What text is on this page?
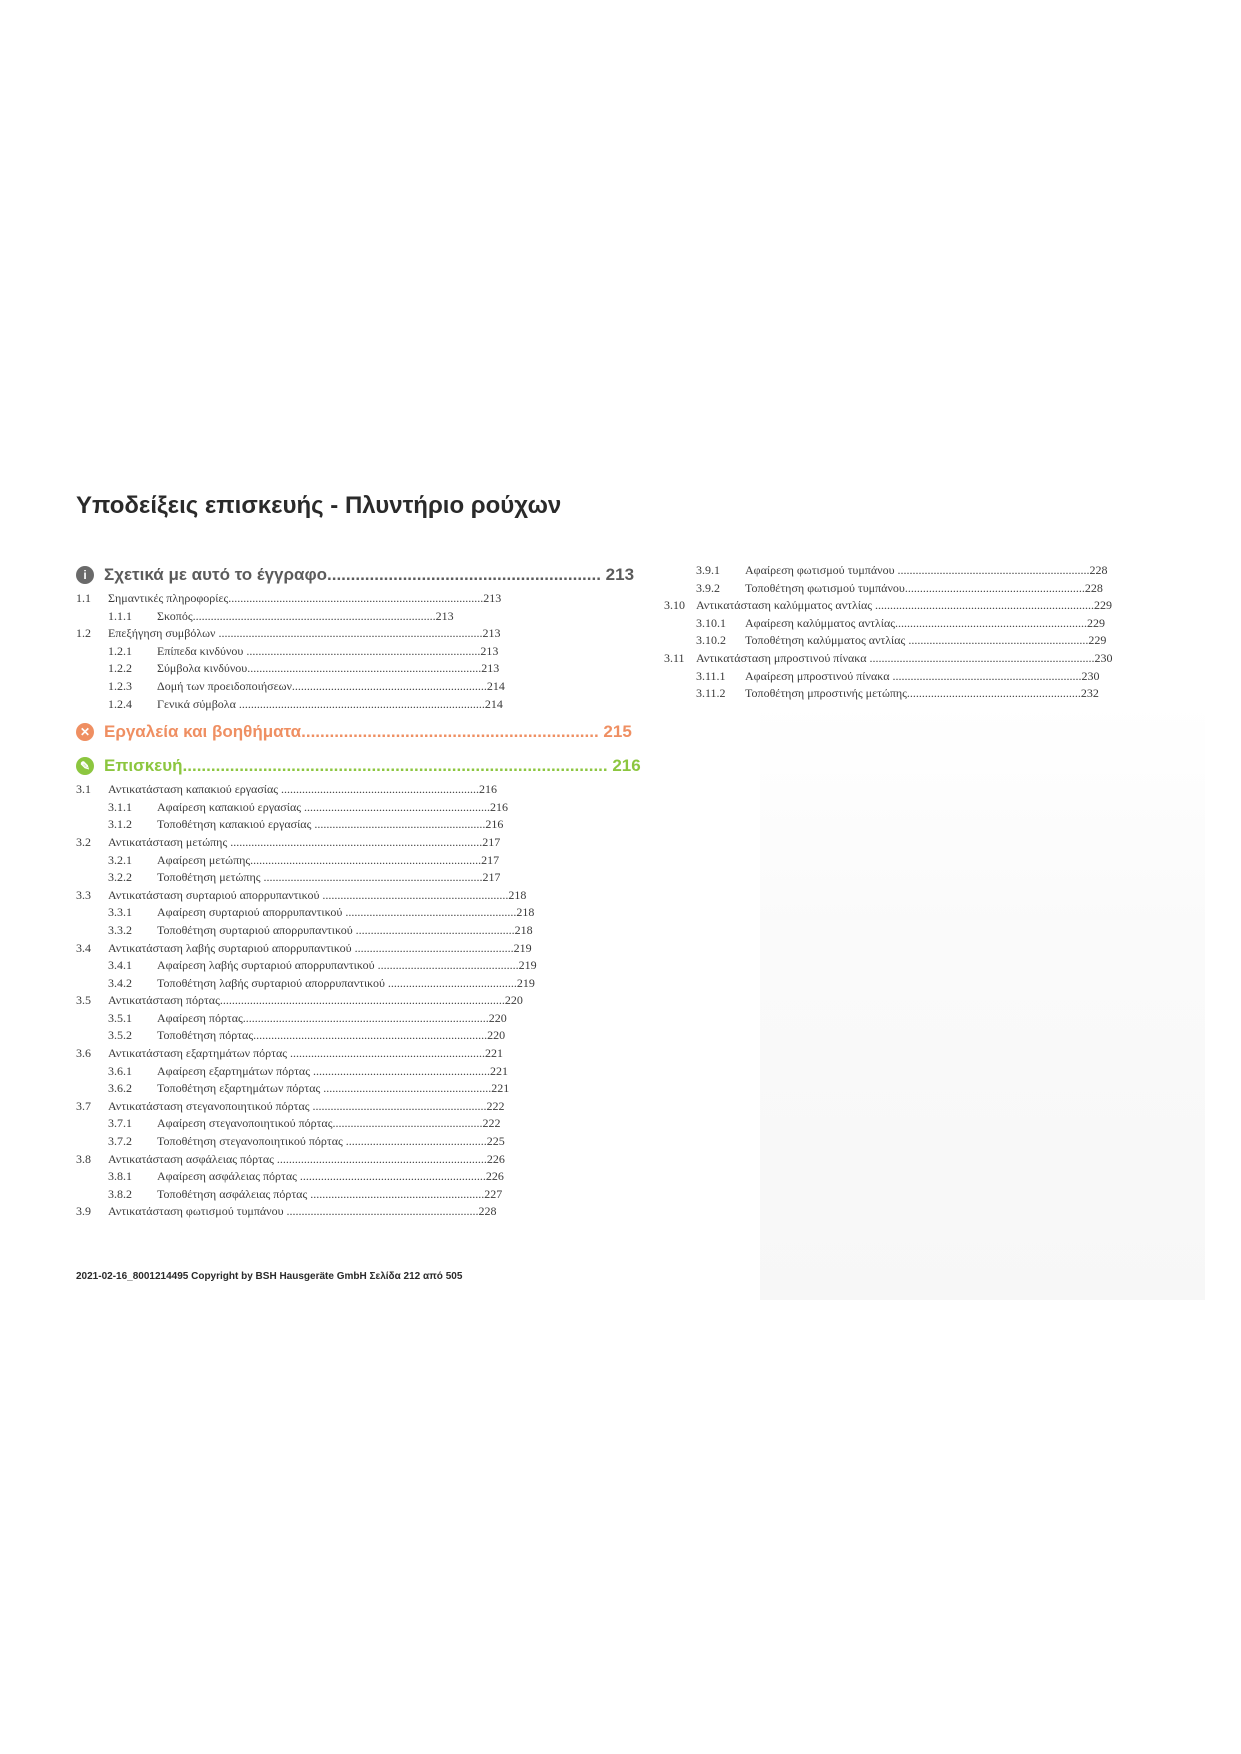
Υποδείξεις επισκευής - Πλυντήριο ρούχων
i	Σχετικά με αυτό το έγγραφο.......................................................... 213
1.1 Σημαντικές πληροφορίες.....................................................................................213
1.1.1 Σκοπός.................................................................................213
1.2 Επεξήγηση συμβόλων ........................................................................................213
1.2.1 Επίπεδα κινδύνου ..............................................................................213
1.2.2 Σύμβολα κινδύνου..............................................................................213
1.2.3 Δομή των προειδοποιήσεων.................................................................214
1.2.4 Γενικά σύμβολα ..................................................................................214
✕ Εργαλεία και βοηθήματα............................................................... 215
✎ Επισκευή.......................................................................................... 216
3.1 Αντικατάσταση καπακιού εργασίας ..................................................................216
3.1.1 Αφαίρεση καπακιού εργασίας ..............................................................216
3.1.2 Τοποθέτηση καπακιού εργασίας .........................................................216
3.2 Αντικατάσταση μετώπης ....................................................................................217
3.2.1 Αφαίρεση μετώπης.............................................................................217
3.2.2 Τοποθέτηση μετώπης .........................................................................217
3.3 Αντικατάσταση συρταριού απορρυπαντικού ..............................................................218
3.3.1 Αφαίρεση συρταριού απορρυπαντικού .........................................................218
3.3.2 Τοποθέτηση συρταριού απορρυπαντικού .....................................................218
3.4 Αντικατάσταση λαβής συρταριού απορρυπαντικού .....................................................219
3.4.1 Αφαίρεση λαβής συρταριού απορρυπαντικού ...............................................219
3.4.2 Τοποθέτηση λαβής συρταριού απορρυπαντικού ...........................................219
3.5 Αντικατάσταση πόρτας...............................................................................................220
3.5.1 Αφαίρεση πόρτας..................................................................................220
3.5.2 Τοποθέτηση πόρτας..............................................................................220
3.6 Αντικατάσταση εξαρτημάτων πόρτας .................................................................221
3.6.1 Αφαίρεση εξαρτημάτων πόρτας ...........................................................221
3.6.2 Τοποθέτηση εξαρτημάτων πόρτας ........................................................221
3.7 Αντικατάσταση στεγανοποιητικού πόρτας ..........................................................222
3.7.1 Αφαίρεση στεγανοποιητικού πόρτας..................................................222
3.7.2 Τοποθέτηση στεγανοποιητικού πόρτας ...............................................225
3.8 Αντικατάσταση ασφάλειας πόρτας ......................................................................226
3.8.1 Αφαίρεση ασφάλειας πόρτας ..............................................................226
3.8.2 Τοποθέτηση ασφάλειας πόρτας ..........................................................227
3.9 Αντικατάσταση φωτισμού τυμπάνου ................................................................228
3.9.1 Αφαίρεση φωτισμού τυμπάνου ................................................................228
3.9.2 Τοποθέτηση φωτισμού τυμπάνου............................................................228
3.10 Αντικατάσταση καλύμματος αντλίας .........................................................................229
3.10.1 Αφαίρεση καλύμματος αντλίας................................................................229
3.10.2 Τοποθέτηση καλύμματος αντλίας ............................................................229
3.11 Αντικατάσταση μπροστινού πίνακα ...........................................................................230
3.11.1 Αφαίρεση μπροστινού πίνακα ...............................................................230
3.11.2 Τοποθέτηση μπροστινής μετώπης..........................................................232
2021-02-16_8001214495 Copyright by BSH Hausgeräte GmbH Σελίδα 212 από 505
